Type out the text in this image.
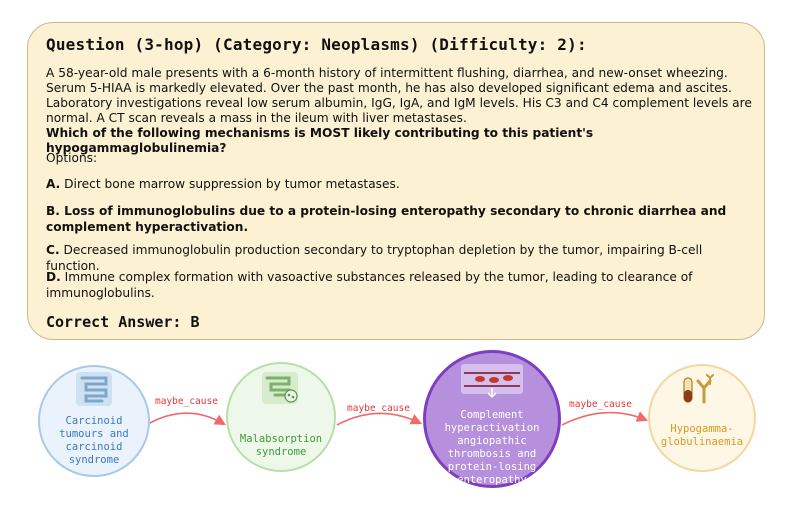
Question (3-hop) (Category: Neoplasms) (Difficulty: 2):
A 58-year-old male presents with a 6-month history of intermittent flushing, diarrhea, and new-onset wheezing. Serum 5-HIAA is markedly elevated. Over the past month, he has also developed significant edema and ascites. Laboratory investigations reveal low serum albumin, IgG, IgA, and IgM levels. His C3 and C4 complement levels are normal. A CT scan reveals a mass in the ileum with liver metastases.
Which of the following mechanisms is MOST likely contributing to this patient's hypogammaglobulinemia?
Options:
A. Direct bone marrow suppression by tumor metastases.
B. Loss of immunoglobulins due to a protein-losing enteropathy secondary to chronic diarrhea and complement hyperactivation.
C. Decreased immunoglobulin production secondary to tryptophan depletion by the tumor, impairing B-cell function.
D. Immune complex formation with vasoactive substances released by the tumor, leading to clearance of immunoglobulins.
Correct Answer: B
Carcinoid tumours and carcinoid syndrome
Malabsorption syndrome
Complement hyperactivation angiopathic thrombosis and protein-losing enteropathy
Hypogamma-globulinaemia
maybe_cause
maybe_cause	maybe_cause
